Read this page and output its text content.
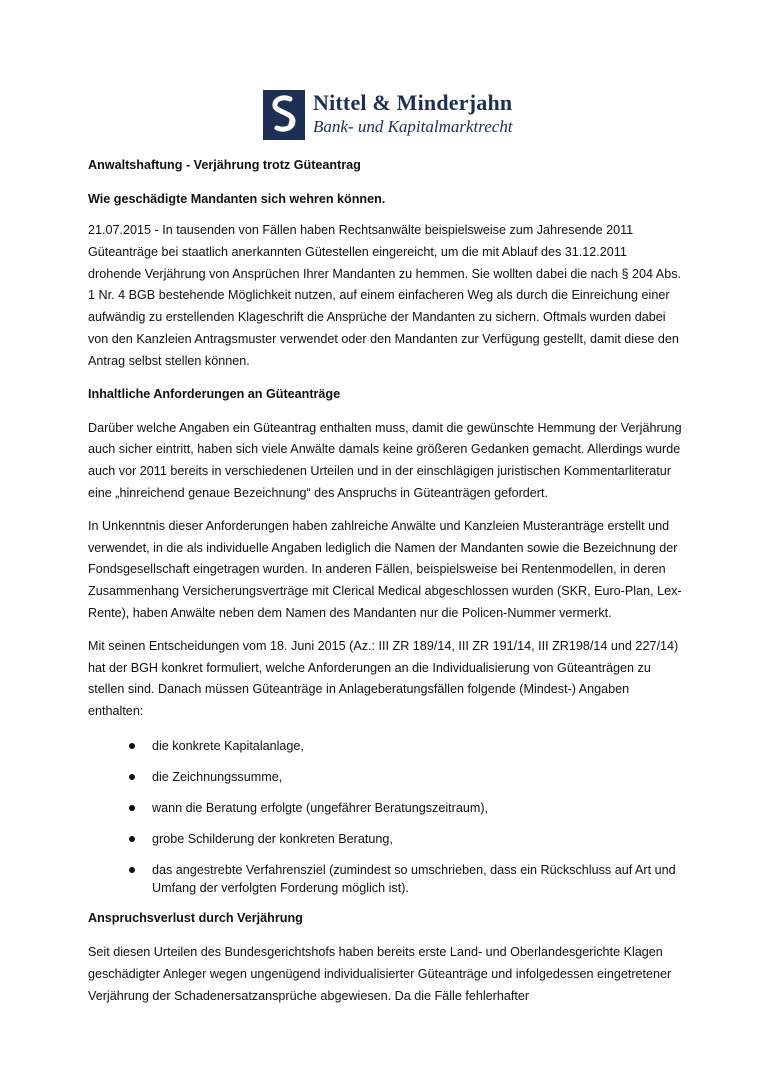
Nittel & Minderjahn
Bank- und Kapitalmarktrecht

Anwaltshaftung - Verjährung trotz Güteantrag

Wie geschädigte Mandanten sich wehren können.

21.07.2015 - In tausenden von Fällen haben Rechtsanwälte beispielsweise zum Jahresende 2011 Güteanträge bei staatlich anerkannten Gütestellen eingereicht, um die mit Ablauf des 31.12.2011 drohende Verjährung von Ansprüchen Ihrer Mandanten zu hemmen. Sie wollten dabei die nach § 204 Abs. 1 Nr. 4 BGB bestehende Möglichkeit nutzen, auf einem einfacheren Weg als durch die Einreichung einer aufwändig zu erstellenden Klageschrift die Ansprüche der Mandanten zu sichern. Oftmals wurden dabei von den Kanzleien Antragsmuster verwendet oder den Mandanten zur Verfügung gestellt, damit diese den Antrag selbst stellen können.

Inhaltliche Anforderungen an Güteanträge

Darüber welche Angaben ein Güteantrag enthalten muss, damit die gewünschte Hemmung der Verjährung auch sicher eintritt, haben sich viele Anwälte damals keine größeren Gedanken gemacht. Allerdings wurde auch vor 2011 bereits in verschiedenen Urteilen und in der einschlägigen juristischen Kommentarliteratur eine „hinreichend genaue Bezeichnung“ des Anspruchs in Güteanträgen gefordert.

In Unkenntnis dieser Anforderungen haben zahlreiche Anwälte und Kanzleien Musteranträge erstellt und verwendet, in die als individuelle Angaben lediglich die Namen der Mandanten sowie die Bezeichnung der Fondsgesellschaft eingetragen wurden. In anderen Fällen, beispielsweise bei Rentenmodellen, in deren Zusammenhang Versicherungsverträge mit Clerical Medical abgeschlossen wurden (SKR, Euro-Plan, Lex-Rente), haben Anwälte neben dem Namen des Mandanten nur die Policen-Nummer vermerkt.

Mit seinen Entscheidungen vom 18. Juni 2015 (Az.: III ZR 189/14, III ZR 191/14, III ZR198/14 und 227/14) hat der BGH konkret formuliert, welche Anforderungen an die Individualisierung von Güteanträgen zu stellen sind. Danach müssen Güteanträge in Anlageberatungsfällen folgende (Mindest-) Angaben enthalten:

die konkrete Kapitalanlage,
die Zeichnungssumme,
wann die Beratung erfolgte (ungefährer Beratungszeitraum),
grobe Schilderung der konkreten Beratung,
das angestrebte Verfahrensziel (zumindest so umschrieben, dass ein Rückschluss auf Art und Umfang der verfolgten Forderung möglich ist).

Anspruchsverlust durch Verjährung

Seit diesen Urteilen des Bundesgerichtshofs haben bereits erste Land- und Oberlandesgerichte Klagen geschädigter Anleger wegen ungenügend individualisierter Güteanträge und infolgedessen eingetretener Verjährung der Schadenersatzansprüche abgewiesen. Da die Fälle fehlerhafter
